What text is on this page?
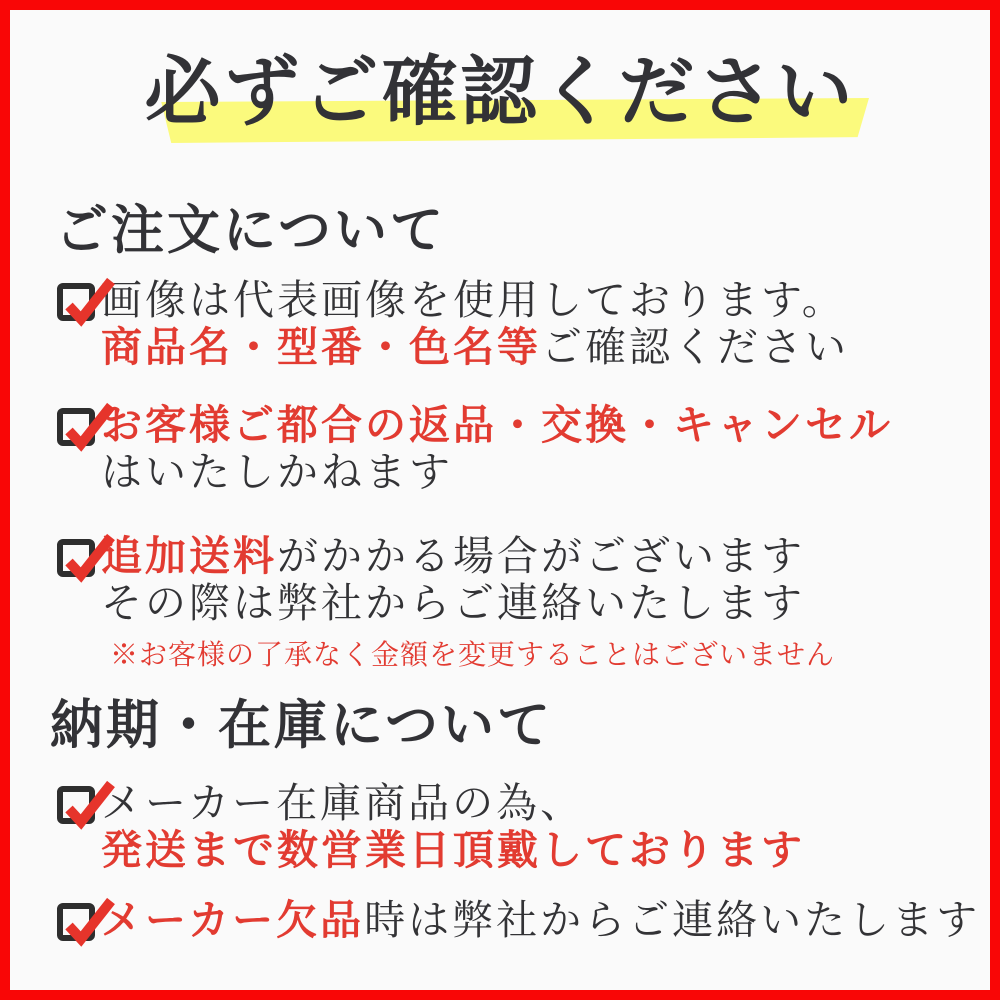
必ずご確認ください
ご注文について
画像は代表画像を使用しております。
商品名・型番・色名等ご確認ください
お客様ご都合の返品・交換・キャンセル
はいたしかねます
追加送料がかかる場合がございます
その際は弊社からご連絡いたします

※お客様の了承なく金額を変更することはございません

納期・在庫について
メーカー在庫商品の為、
発送まで数営業日頂戴しております
メーカー欠品時は弊社からご連絡いたします
